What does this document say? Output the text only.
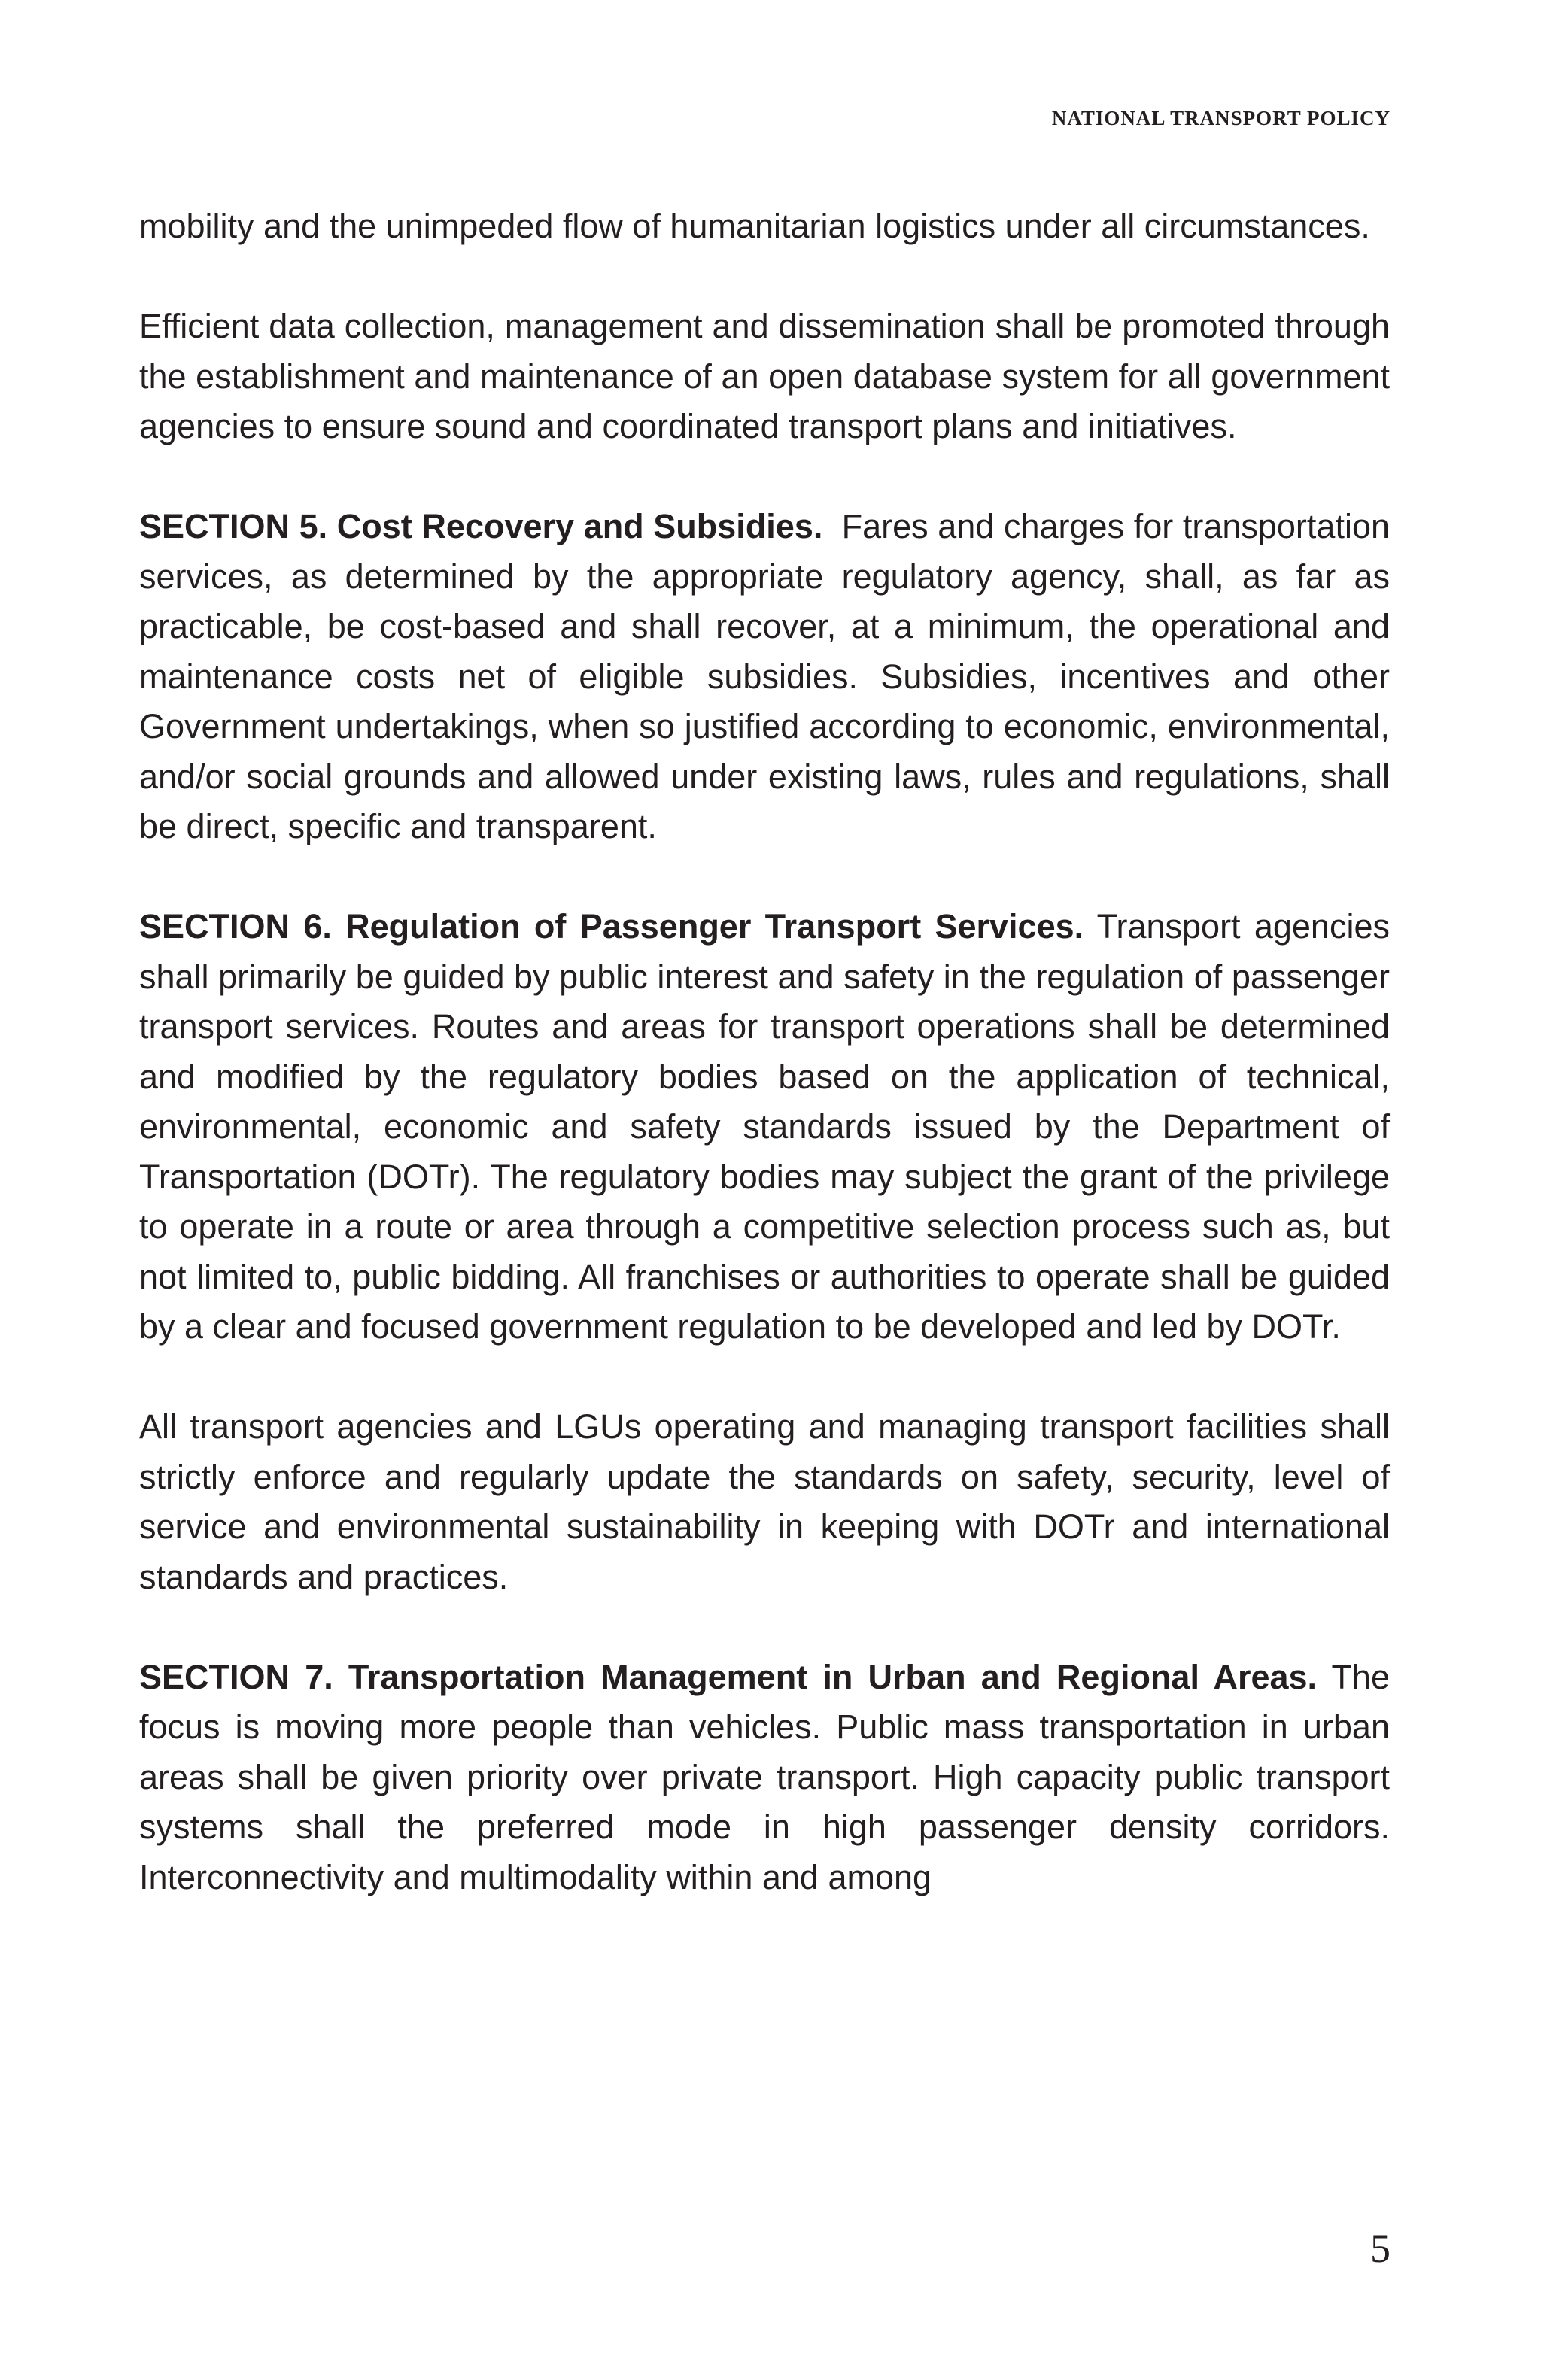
NATIONAL TRANSPORT POLICY

mobility and the unimpeded flow of humanitarian logistics under all circumstances.

Efficient data collection, management and dissemination shall be promoted through the establishment and maintenance of an open database system for all government agencies to ensure sound and coordinated transport plans and initiatives.

SECTION 5. Cost Recovery and Subsidies. Fares and charges for transportation services, as determined by the appropriate regulatory agency, shall, as far as practicable, be cost-based and shall recover, at a minimum, the operational and maintenance costs net of eligible subsidies. Subsidies, incentives and other Government undertakings, when so justified according to economic, environmental, and/or social grounds and allowed under existing laws, rules and regulations, shall be direct, specific and transparent.

SECTION 6. Regulation of Passenger Transport Services. Transport agencies shall primarily be guided by public interest and safety in the regulation of passenger transport services. Routes and areas for transport operations shall be determined and modified by the regulatory bodies based on the application of technical, environmental, economic and safety standards issued by the Department of Transportation (DOTr). The regulatory bodies may subject the grant of the privilege to operate in a route or area through a competitive selection process such as, but not limited to, public bidding. All franchises or authorities to operate shall be guided by a clear and focused government regulation to be developed and led by DOTr.

All transport agencies and LGUs operating and managing transport facilities shall strictly enforce and regularly update the standards on safety, security, level of service and environmental sustainability in keeping with DOTr and international standards and practices.

SECTION 7. Transportation Management in Urban and Regional Areas. The focus is moving more people than vehicles. Public mass transportation in urban areas shall be given priority over private transport. High capacity public transport systems shall the preferred mode in high passenger density corridors. Interconnectivity and multimodality within and among

5
